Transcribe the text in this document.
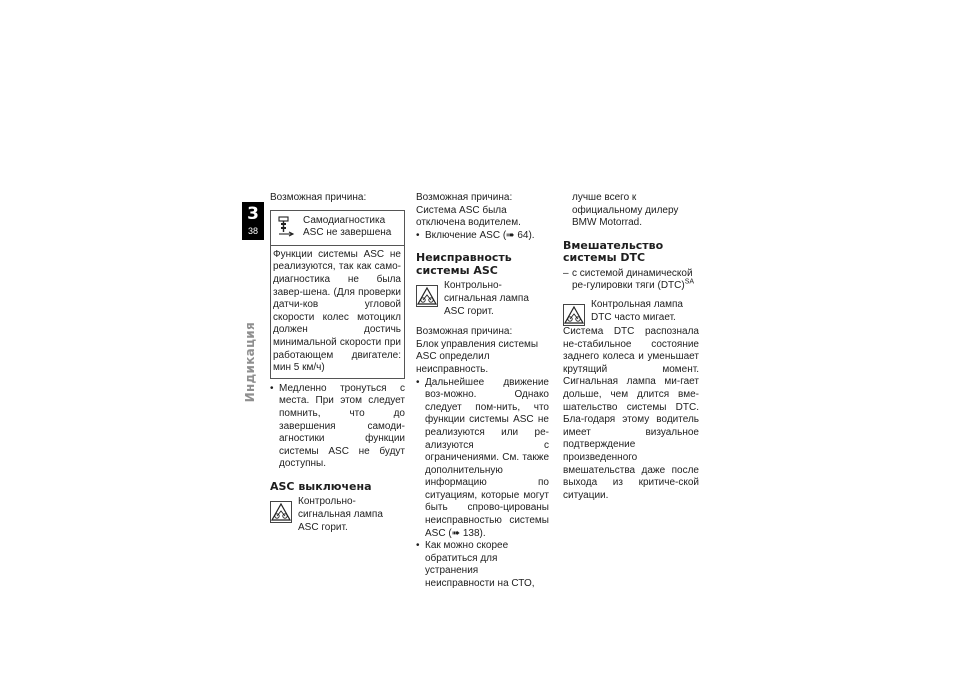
3
38
Индикация

Возможная причина:

Самодиагностика ASC не завершена

Функции системы ASC не реализуются, так как само-диагностика не была завер-шена. (Для проверки датчи-ков угловой скорости колес мотоцикл должен достичь минимальной скорости при работающем двигателе: мин 5 км/ч)
• Медленно тронуться с места. При этом следует помнить, что до завершения самоди-агностики функции системы ASC не будут доступны.
ASC выключена

Контрольно-сигнальная лампа ASC горит.

Возможная причина:

Система ASC была отключена водителем.

• Включение ASC (➠ 64).
Неисправность системы ASC

Контрольно-сигнальная лампа ASC горит.

Возможная причина:

Блок управления системы ASC определил неисправность.

• Дальнейшее движение воз-можно. Однако следует пом-нить, что функции системы ASC не реализуются или ре-ализуются с ограничениями. См. также дополнительную информацию по ситуациям, которые могут быть спрово-цированы неисправностью системы ASC (➠ 138).
• Как можно скорее обратиться для устранения неисправности на СТО,

лучше всего к официальному дилеру BMW Motorrad.

Вмешательство системы DTC
– с системой динамической ре-гулировки тяги (DTC)$^{SA}$

Контрольная лампа DTC часто мигает.

Система DTC распознала не-стабильное состояние заднего колеса и уменьшает крутящий момент. Сигнальная лампа ми-гает дольше, чем длится вме-шательство системы DTC. Бла-годаря этому водитель имеет визуальное подтверждение произведенного вмешательства даже после выхода из критиче-ской ситуации.
